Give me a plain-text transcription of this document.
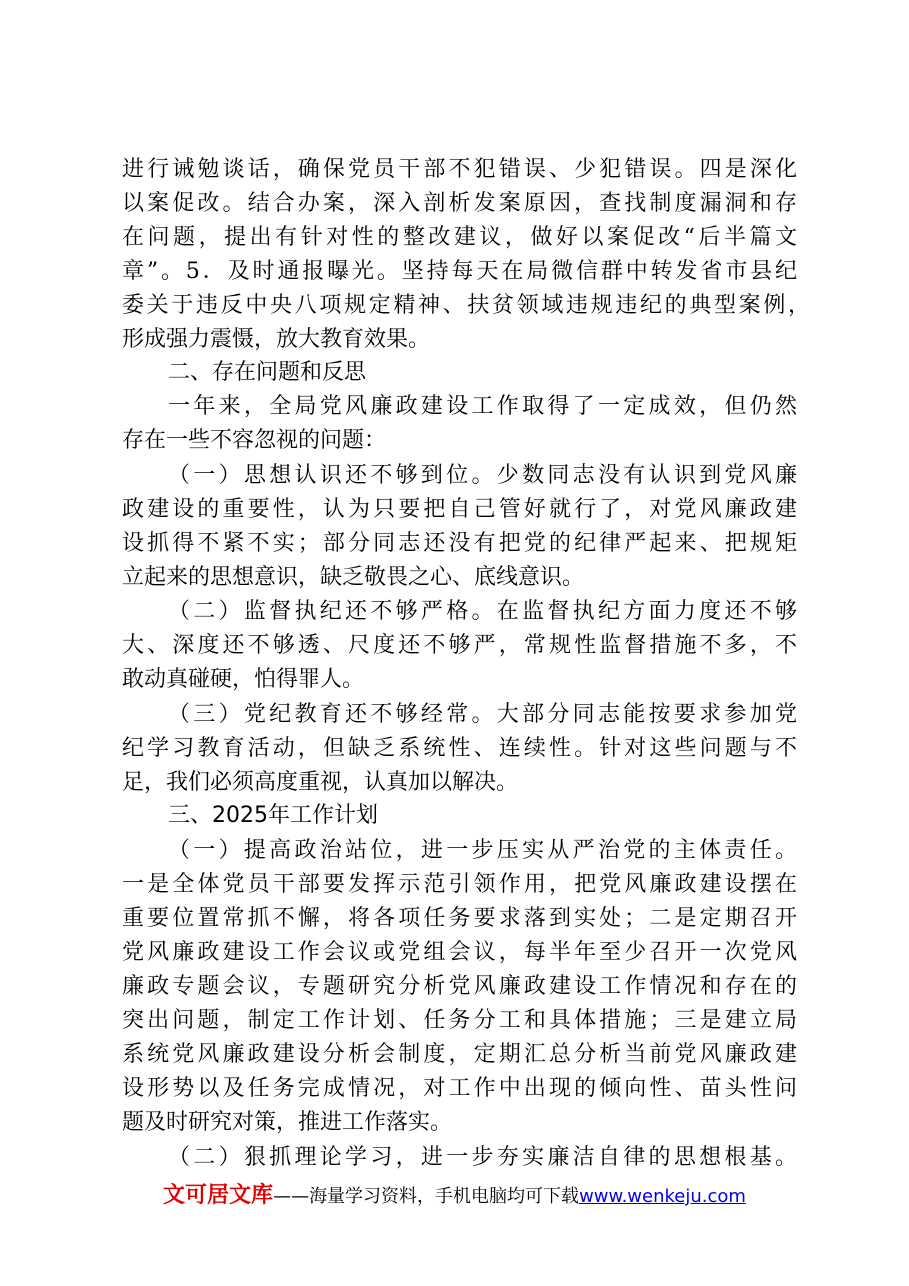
进行诫勉谈话，确保党员干部不犯错误、少犯错误。四是深化
以案促改。结合办案，深入剖析发案原因，查找制度漏洞和存
在问题，提出有针对性的整改建议，做好以案促改“后半篇文
章”。5．及时通报曝光。坚持每天在局微信群中转发省市县纪
委关于违反中央八项规定精神、扶贫领域违规违纪的典型案例，
形成强力震慑，放大教育效果。
二、存在问题和反思
一年来，全局党风廉政建设工作取得了一定成效，但仍然
存在一些不容忽视的问题：
（一）思想认识还不够到位。少数同志没有认识到党风廉
政建设的重要性，认为只要把自己管好就行了，对党风廉政建
设抓得不紧不实；部分同志还没有把党的纪律严起来、把规矩
立起来的思想意识，缺乏敬畏之心、底线意识。
（二）监督执纪还不够严格。在监督执纪方面力度还不够
大、深度还不够透、尺度还不够严，常规性监督措施不多，不
敢动真碰硬，怕得罪人。
（三）党纪教育还不够经常。大部分同志能按要求参加党
纪学习教育活动，但缺乏系统性、连续性。针对这些问题与不
足，我们必须高度重视，认真加以解决。
三、2025年工作计划
（一）提高政治站位，进一步压实从严治党的主体责任。
一是全体党员干部要发挥示范引领作用，把党风廉政建设摆在
重要位置常抓不懈，将各项任务要求落到实处；二是定期召开
党风廉政建设工作会议或党组会议，每半年至少召开一次党风
廉政专题会议，专题研究分析党风廉政建设工作情况和存在的
突出问题，制定工作计划、任务分工和具体措施；三是建立局
系统党风廉政建设分析会制度，定期汇总分析当前党风廉政建
设形势以及任务完成情况，对工作中出现的倾向性、苗头性问
题及时研究对策，推进工作落实。
（二）狠抓理论学习，进一步夯实廉洁自律的思想根基。
文可居文库——海量学习资料，手机电脑均可下载www.wenkeju.com
